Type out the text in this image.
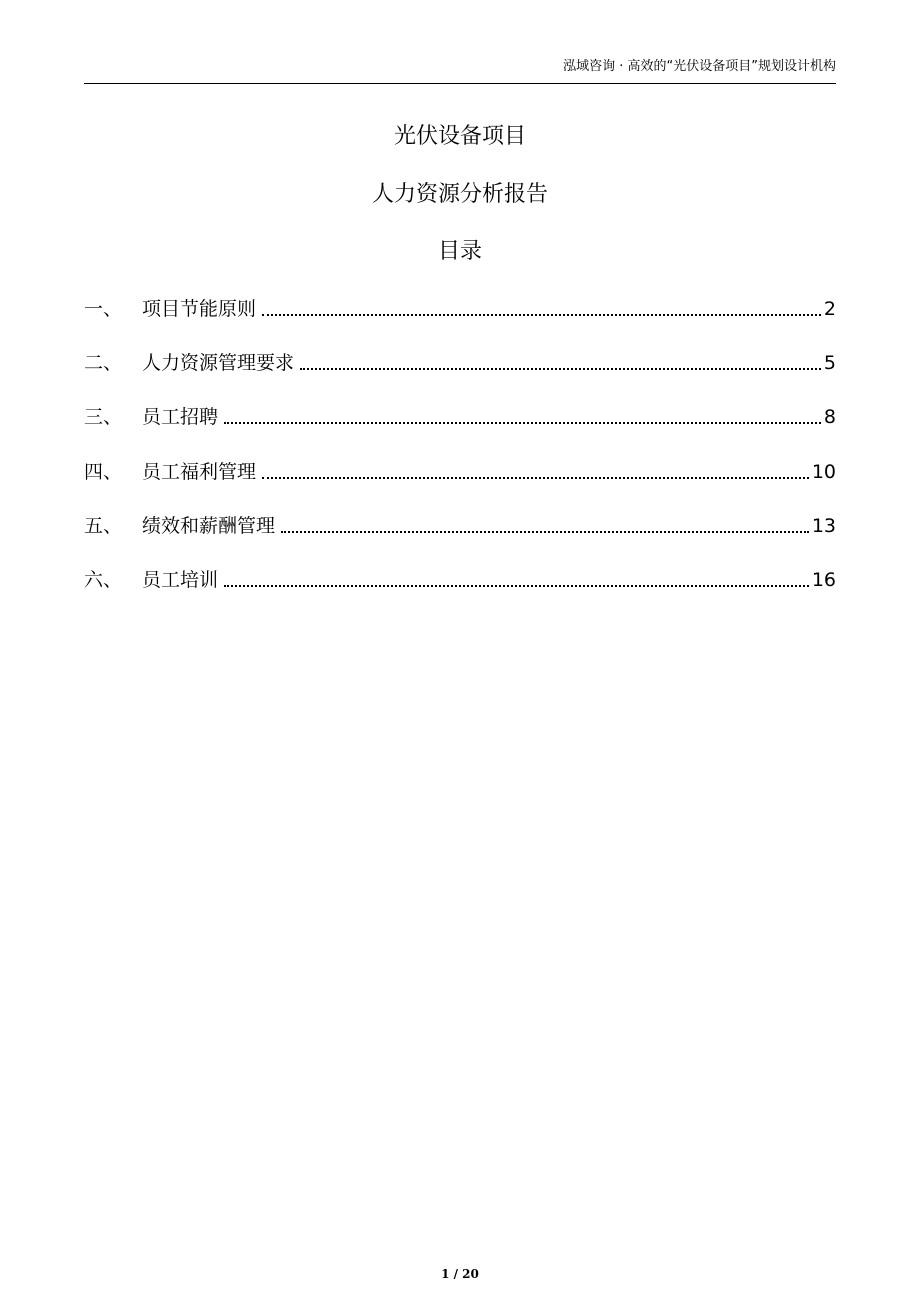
泓域咨询 · 高效的“光伏设备项目”规划设计机构
光伏设备项目
人力资源分析报告
目录
一、	项目节能原则	2
二、	人力资源管理要求	5
三、	员工招聘	8
四、	员工福利管理	10
五、	绩效和薪酬管理	13
六、	员工培训	16
1 / 20
